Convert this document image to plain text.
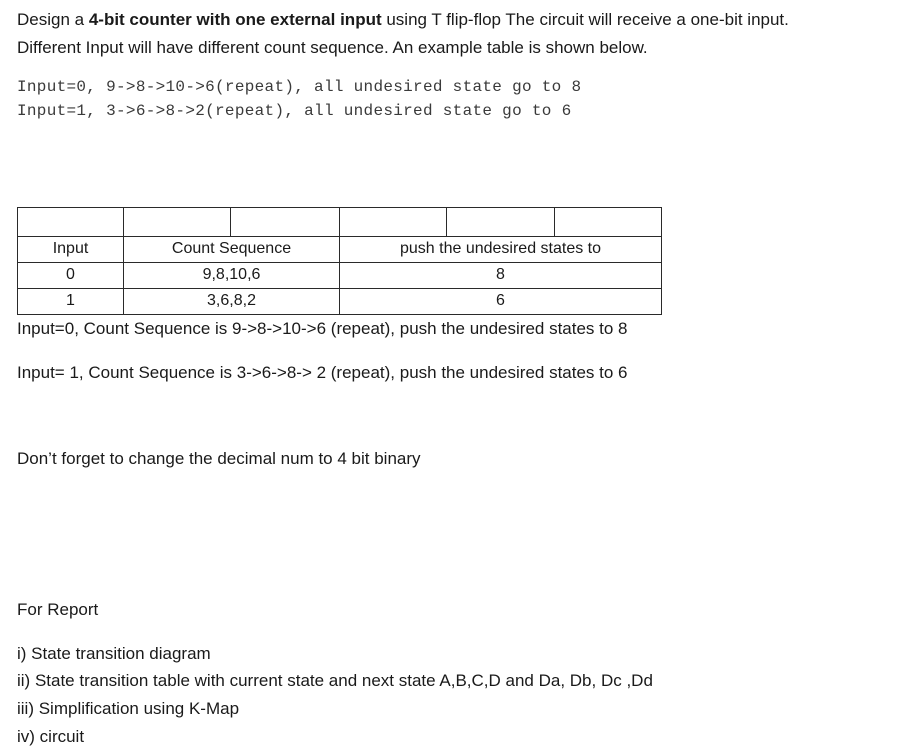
Design a 4-bit counter with one external input using T flip-flop The circuit will receive a one-bit input.
Different Input will have different count sequence. An example table is shown below.
Input=0, 9->8->10->6(repeat), all undesired state go to 8
Input=1, 3->6->8->2(repeat), all undesired state go to 6
Input	Count Sequence	push the undesired states to
0	9,8,10,6	8
1	3,6,8,2	6
Input=0, Count Sequence is 9->8->10->6 (repeat), push the undesired states to 8
Input= 1, Count Sequence is 3->6->8-> 2 (repeat), push the undesired states to 6
Don’t forget to change the decimal num to 4 bit binary
For Report
i) State transition diagram
ii) State transition table with current state and next state A,B,C,D and Da, Db, Dc ,Dd
iii) Simplification using K-Map
iv) circuit
